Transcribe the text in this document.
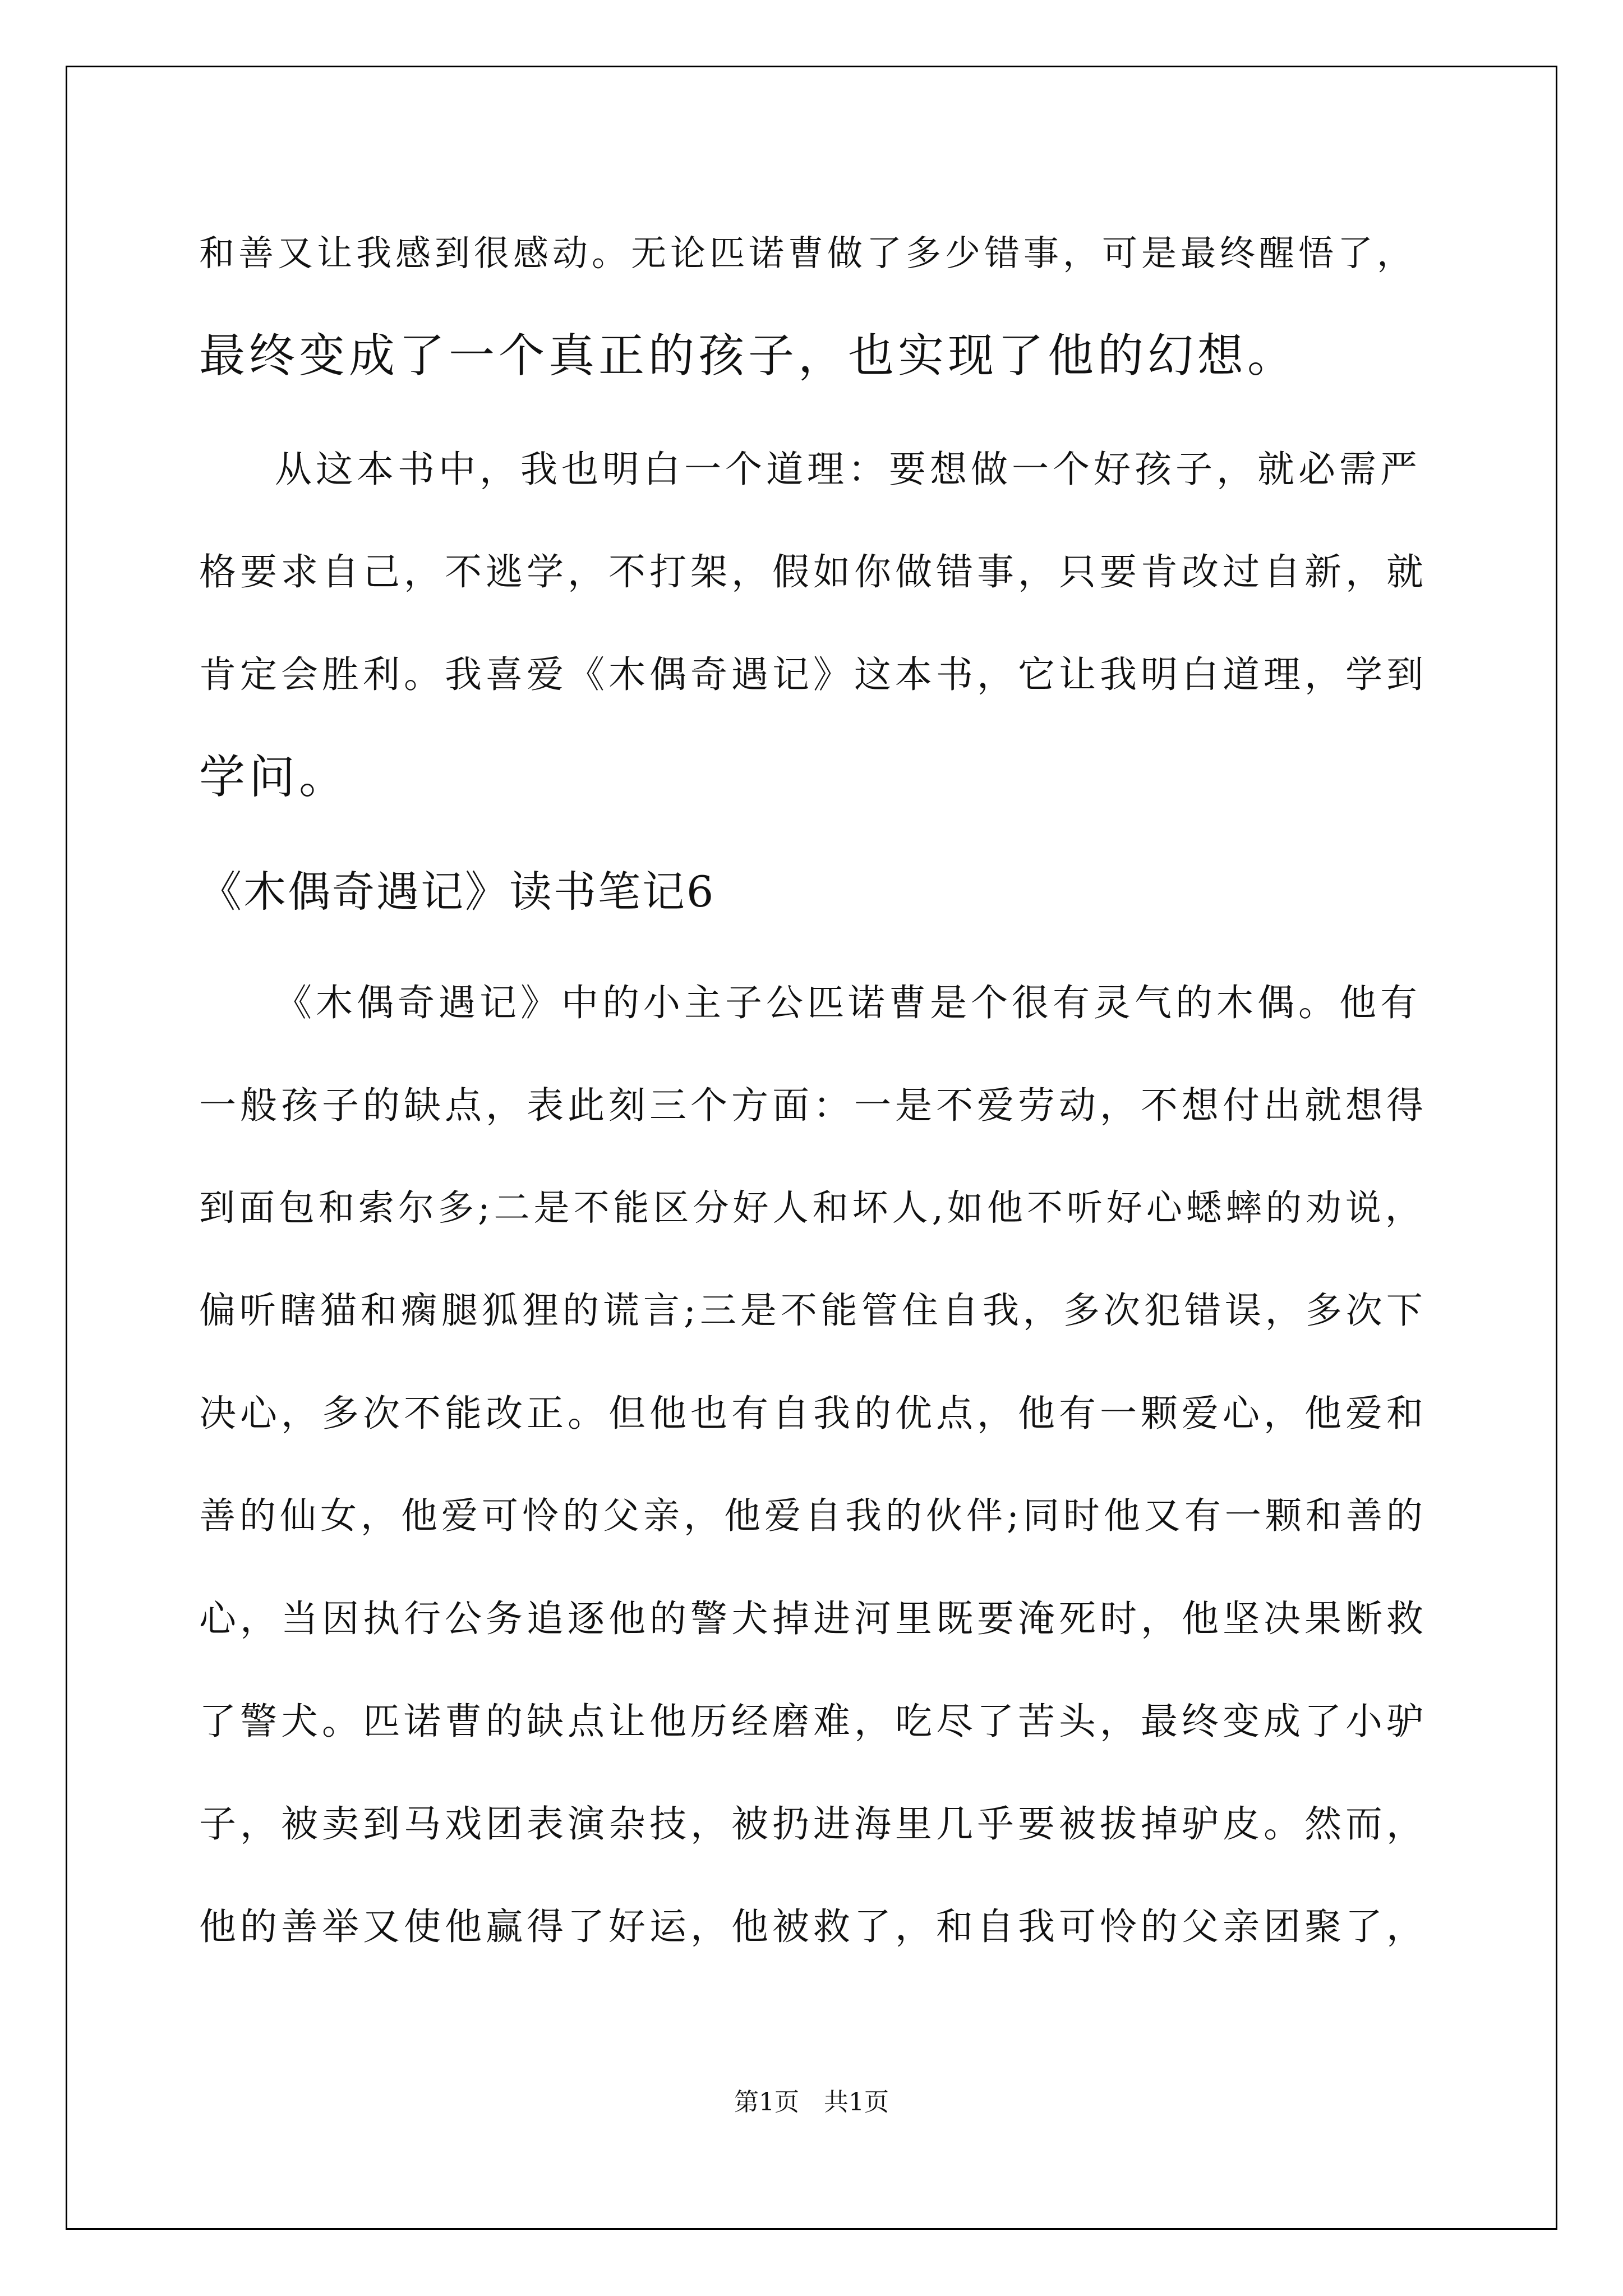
和善又让我感到很感动。无论匹诺曹做了多少错事，可是最终醒悟了，
最终变成了一个真正的孩子，也实现了他的幻想。
从这本书中，我也明白一个道理：要想做一个好孩子，就必需严
格要求自己，不逃学，不打架，假如你做错事，只要肯改过自新，就
肯定会胜利。我喜爱《木偶奇遇记》这本书，它让我明白道理，学到
学问。
《木偶奇遇记》读书笔记6
《木偶奇遇记》中的小主子公匹诺曹是个很有灵气的木偶。他有
一般孩子的缺点，表此刻三个方面：一是不爱劳动，不想付出就想得
到面包和索尔多;二是不能区分好人和坏人,如他不听好心蟋蟀的劝说，
偏听瞎猫和瘸腿狐狸的谎言;三是不能管住自我，多次犯错误，多次下
决心，多次不能改正。但他也有自我的优点，他有一颗爱心，他爱和
善的仙女，他爱可怜的父亲，他爱自我的伙伴;同时他又有一颗和善的
心，当因执行公务追逐他的警犬掉进河里既要淹死时，他坚决果断救
了警犬。匹诺曹的缺点让他历经磨难，吃尽了苦头，最终变成了小驴
子，被卖到马戏团表演杂技，被扔进海里几乎要被拔掉驴皮。然而，
他的善举又使他赢得了好运，他被救了，和自我可怜的父亲团聚了，
第1页 共1页
